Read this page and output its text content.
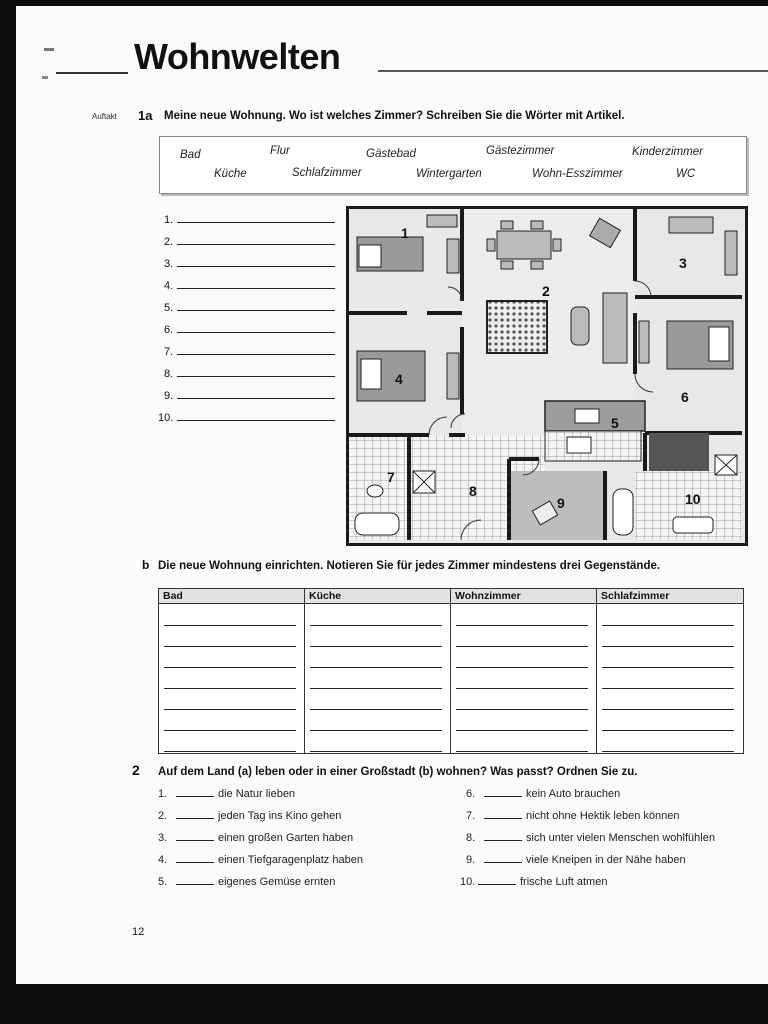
Wohnwelten
Auftakt 1a Meine neue Wohnung. Wo ist welches Zimmer? Schreiben Sie die Wörter mit Artikel.
Bad	Flur	Gästebad	Gästezimmer	Kinderzimmer
Küche	Schlafzimmer	Wintergarten	Wohn-Esszimmer	WC
1.
2.
3.
4.
5.
6.
7.
8.
9.
10.
1
2
3
4
5
6
7
8
9	10
b Die neue Wohnung einrichten. Notieren Sie für jedes Zimmer mindestens drei Gegenstände.
Bad	Küche	Wohnzimmer	Schlafzimmer
2 Auf dem Land (a) leben oder in einer Großstadt (b) wohnen? Was passt? Ordnen Sie zu.
1.	die Natur lieben
2.	jeden Tag ins Kino gehen
3.	einen großen Garten haben
4.	einen Tiefgaragenplatz haben
5.	eigenes Gemüse ernten
6.	kein Auto brauchen
7.	nicht ohne Hektik leben können
8.	sich unter vielen Menschen wohlfühlen
9.	viele Kneipen in der Nähe haben
10.	frische Luft atmen
12
